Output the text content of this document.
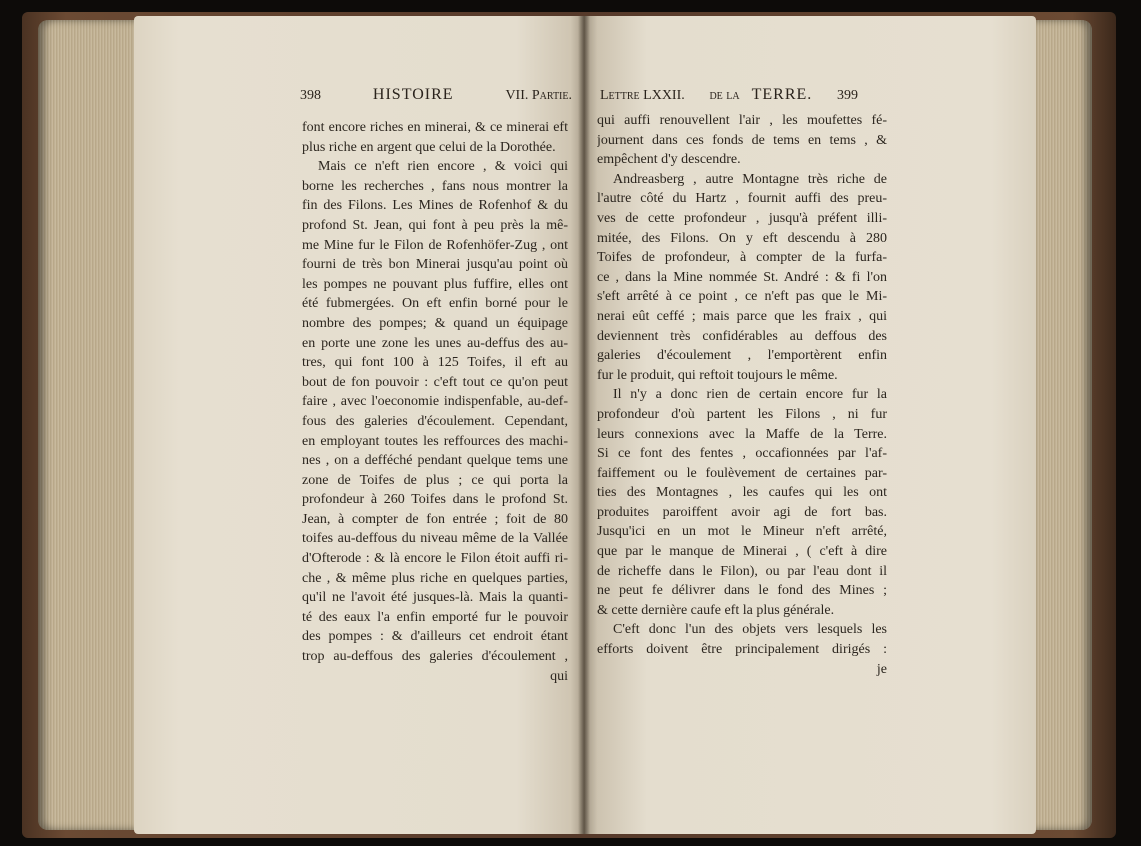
398	HISTOIRE	VII. Partie. Lettre LXXII. de la TERRE. 399
font encore riches en minerai, & ce minerai eft
plus riche en argent que celui de la Dorothée.
Mais ce n'eft rien encore , & voici qui
borne les recherches , fans nous montrer la
fin des Filons. Les Mines de Rofenhof & du
profond St. Jean, qui font à peu près la mê-
me Mine fur le Filon de Rofenhöfer-Zug , ont
fourni de très bon Minerai jusqu'au point où
les pompes ne pouvant plus fuffire, elles ont
été fubmergées. On eft enfin borné pour le
nombre des pompes; & quand un équipage
en porte une zone les unes au-deffus des au-
tres, qui font 100 à 125 Toifes, il eft au
bout de fon pouvoir : c'eft tout ce qu'on peut
faire , avec l'oeconomie indispenfable, au-def-
fous des galeries d'écoulement. Cependant,
en employant toutes les reffources des machi-
nes , on a defféché pendant quelque tems une
zone de Toifes de plus ; ce qui porta la
profondeur à 260 Toifes dans le profond St.
Jean, à compter de fon entrée ; foit de 80
toifes au-deffous du niveau même de la Vallée
d'Ofterode : & là encore le Filon étoit auffi ri-
che , & même plus riche en quelques parties,
qu'il ne l'avoit été jusques-là. Mais la quanti-
té des eaux l'a enfin emporté fur le pouvoir
des pompes : & d'ailleurs cet endroit étant
trop au-deffous des galeries d'écoulement ,
qui
qui auffi renouvellent l'air , les moufettes fé-
journent dans ces fonds de tems en tems , &
empêchent d'y descendre.
Andreasberg , autre Montagne très riche de
l'autre côté du Hartz , fournit auffi des preu-
ves de cette profondeur , jusqu'à préfent illi-
mitée, des Filons. On y eft descendu à 280
Toifes de profondeur, à compter de la furfa-
ce , dans la Mine nommée St. André : & fi l'on
s'eft arrêté à ce point , ce n'eft pas que le Mi-
nerai eût ceffé ; mais parce que les fraix , qui
deviennent très confidérables au deffous des
galeries d'écoulement , l'emportèrent enfin
fur le produit, qui reftoit toujours le même.
Il n'y a donc rien de certain encore fur la
profondeur d'où partent les Filons , ni fur
leurs connexions avec la Maffe de la Terre.
Si ce font des fentes , occafionnées par l'af-
faiffement ou le foulèvement de certaines par-
ties des Montagnes , les caufes qui les ont
produites paroiffent avoir agi de fort bas.
Jusqu'ici en un mot le Mineur n'eft arrêté,
que par le manque de Minerai , ( c'eft à dire
de richeffe dans le Filon), ou par l'eau dont il
ne peut fe délivrer dans le fond des Mines ;
& cette dernière caufe eft la plus générale.
C'eft donc l'un des objets vers lesquels les
efforts doivent être principalement dirigés :
je
